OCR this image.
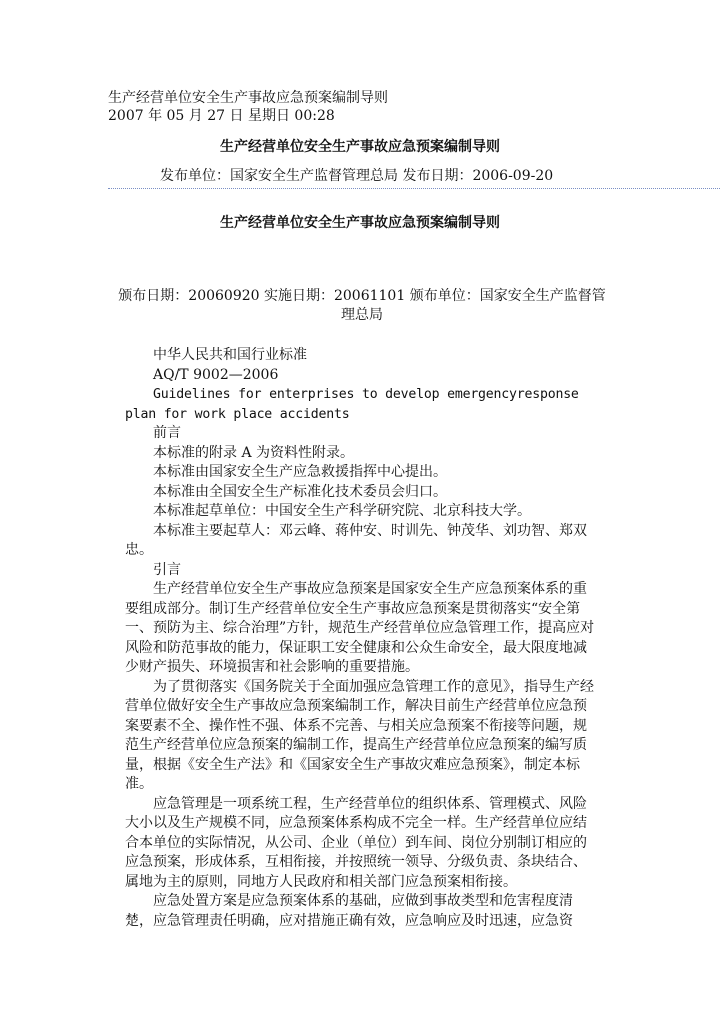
生产经营单位安全生产事故应急预案编制导则
2007 年 05 月 27 日 星期日 00:28
生产经营单位安全生产事故应急预案编制导则
发布单位：国家安全生产监督管理总局 发布日期：2006-09-20
生产经营单位安全生产事故应急预案编制导则
颁布日期：20060920 实施日期：20061101 颁布单位：国家安全生产监督管理总局

中华人民共和国行业标准

AQ/T 9002—2006

Guidelines for enterprises to develop emergencyresponse plan for work place accidents

前言

本标准的附录 A 为资料性附录。

本标准由国家安全生产应急救援指挥中心提出。

本标准由全国安全生产标准化技术委员会归口。

本标准起草单位：中国安全生产科学研究院、北京科技大学。

本标准主要起草人：邓云峰、蒋仲安、时训先、钟茂华、刘功智、郑双忠。

引言

生产经营单位安全生产事故应急预案是国家安全生产应急预案体系的重要组成部分。制订生产经营单位安全生产事故应急预案是贯彻落实“安全第一、预防为主、综合治理”方针，规范生产经营单位应急管理工作，提高应对风险和防范事故的能力，保证职工安全健康和公众生命安全，最大限度地减少财产损失、环境损害和社会影响的重要措施。

为了贯彻落实《国务院关于全面加强应急管理工作的意见》，指导生产经营单位做好安全生产事故应急预案编制工作，解决目前生产经营单位应急预案要素不全、操作性不强、体系不完善、与相关应急预案不衔接等问题，规范生产经营单位应急预案的编制工作，提高生产经营单位应急预案的编写质量，根据《安全生产法》和《国家安全生产事故灾难应急预案》，制定本标准。

应急管理是一项系统工程，生产经营单位的组织体系、管理模式、风险大小以及生产规模不同，应急预案体系构成不完全一样。生产经营单位应结合本单位的实际情况，从公司、企业（单位）到车间、岗位分别制订相应的应急预案，形成体系，互相衔接，并按照统一领导、分级负责、条块结合、属地为主的原则，同地方人民政府和相关部门应急预案相衔接。

应急处置方案是应急预案体系的基础，应做到事故类型和危害程度清楚，应急管理责任明确，应对措施正确有效，应急响应及时迅速，应急资
